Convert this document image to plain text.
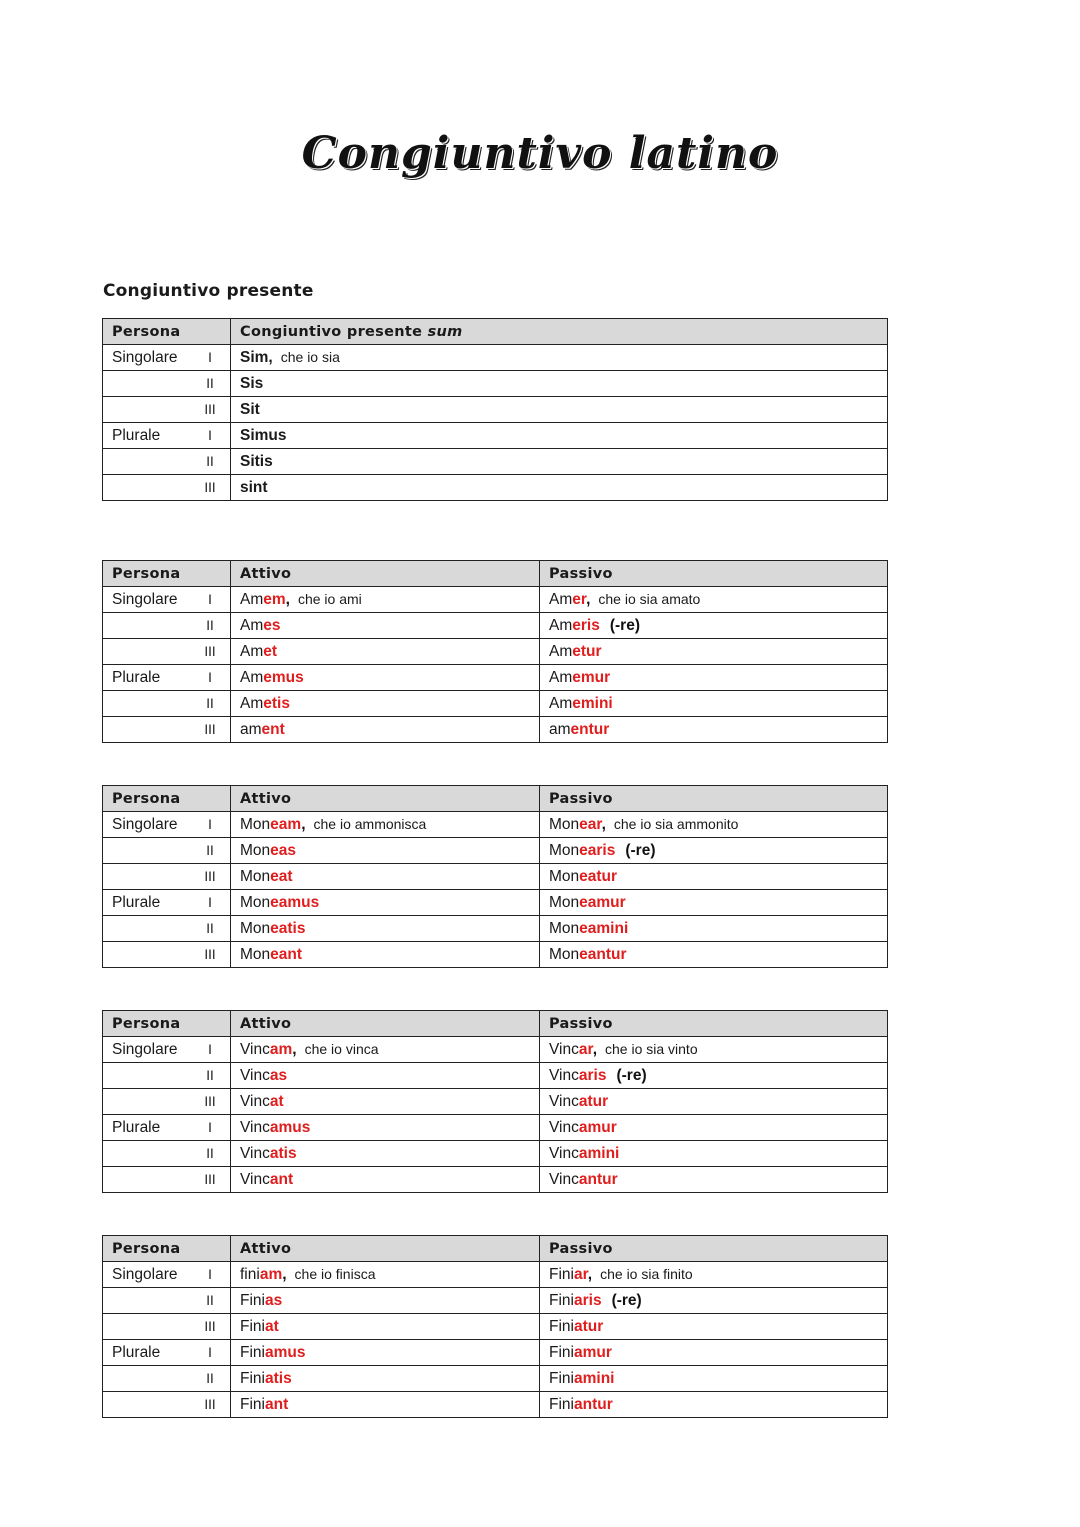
Congiuntivo latino
Congiuntivo presente
Persona	Congiuntivo presente sum
Singolare I	Sim, che io sia
II	Sis
III	Sit
Plurale I	Simus
II	Sitis
III	sint
Persona	Attivo	Passivo
Singolare I	Amem, che io ami	Amer, che io sia amato
II	Ames	Ameris (-re)
III	Amet	Ametur
Plurale I	Amemus	Amemur
II	Ametis	Amemini
III	ament	amentur
Persona	Attivo	Passivo
Singolare I	Moneam, che io ammonisca	Monear, che io sia ammonito
II	Moneas	Monearis (-re)
III	Moneat	Moneatur
Plurale I	Moneamus	Moneamur
II	Moneatis	Moneamini
III	Moneant	Moneantur
Persona	Attivo	Passivo
Singolare I	Vincam, che io vinca	Vincar, che io sia vinto
II	Vincas	Vincaris (-re)
III	Vincat	Vincatur
Plurale I	Vincamus	Vincamur
II	Vincatis	Vincamini
III	Vincant	Vincantur
Persona	Attivo	Passivo
Singolare I	finiam, che io finisca	Finiar, che io sia finito
II	Finias	Finiaris (-re)
III	Finiat	Finiatur
Plurale I	Finiamus	Finiamur
II	Finiatis	Finiamini
III	Finiant	Finiantur
